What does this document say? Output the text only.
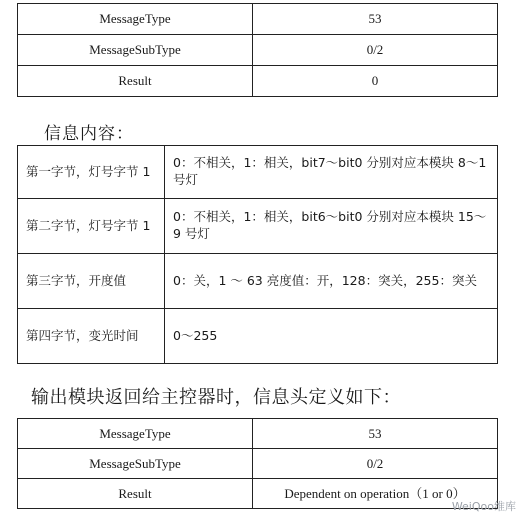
MessageType	53
MessageSubType	0/2
Result	0
信息内容：
第一字节，灯号字节 1	0：不相关，1：相关，bit7～bit0 分别对应本模块 8～1 号灯
第二字节，灯号字节 1	0：不相关，1：相关，bit6～bit0 分别对应本模块 15～9 号灯
第三字节，开度值	0：关，1 ～ 63 亮度值：开，128：突关，255：突关
第四字节，变光时间	0～255
输出模块返回给主控器时，信息头定义如下：
MessageType	53
MessageSubType	0/2
Result	Dependent on operation（1 or 0）
WeiQoo维库
